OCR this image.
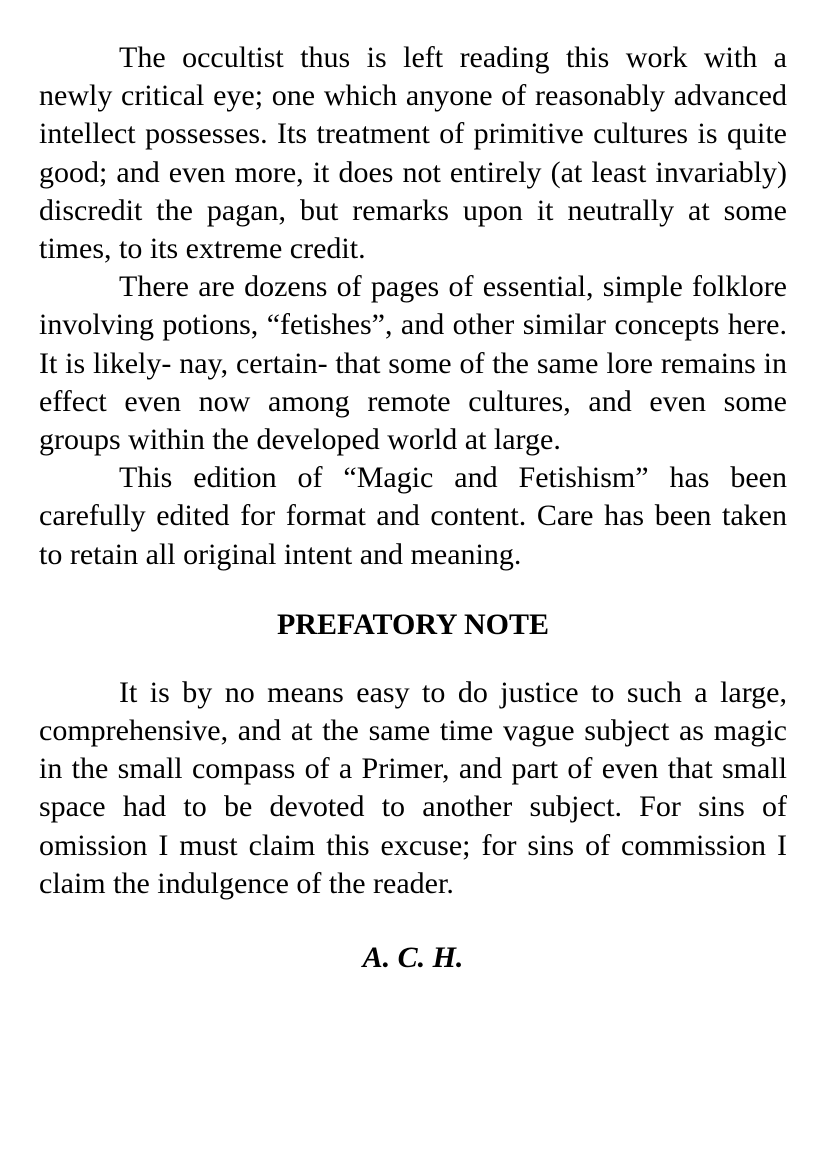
The occultist thus is left reading this work with a newly critical eye; one which anyone of reasonably advanced intellect possesses. Its treatment of primitive cultures is quite good; and even more, it does not entirely (at least invariably) discredit the pagan, but remarks upon it neutrally at some times, to its extreme credit.

There are dozens of pages of essential, simple folklore involving potions, “fetishes”, and other similar concepts here. It is likely- nay, certain- that some of the same lore remains in effect even now among remote cultures, and even some groups within the developed world at large.

This edition of “Magic and Fetishism” has been carefully edited for format and content. Care has been taken to retain all original intent and meaning.

PREFATORY NOTE

It is by no means easy to do justice to such a large, comprehensive, and at the same time vague subject as magic in the small compass of a Primer, and part of even that small space had to be devoted to another subject. For sins of omission I must claim this excuse; for sins of commission I claim the indulgence of the reader.

A. C. H.
